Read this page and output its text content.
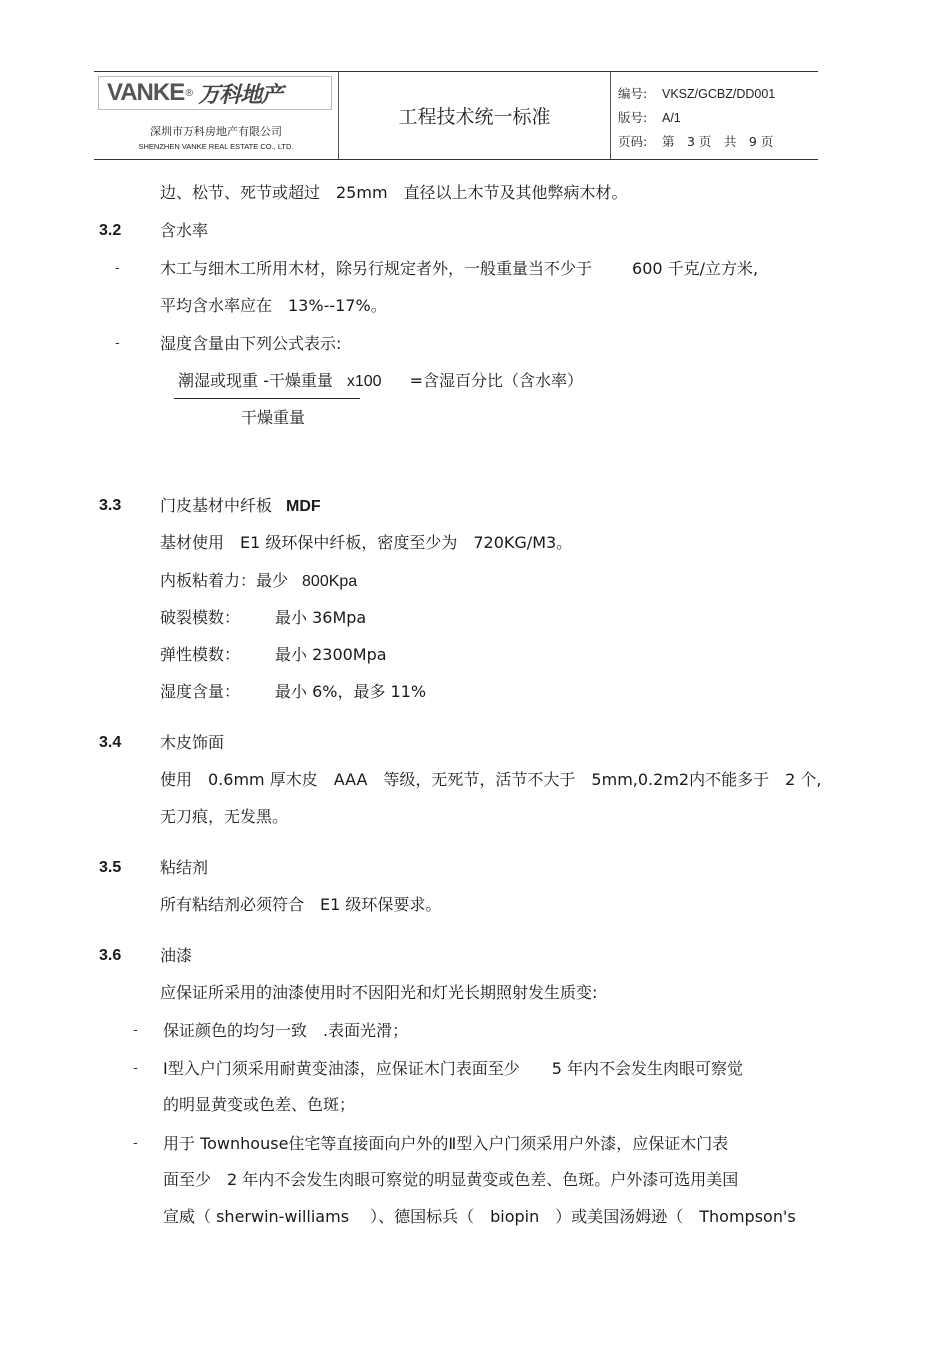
VANKE ® 万科地产
深圳市万科房地产有限公司
SHENZHEN VANKE REAL ESTATE CO., LTD.
工程技术统一标准
编号: VKSZ/GCBZ/DD001
版号: A/1
页码: 第　3 页　共　9 页
边、松节、死节或超过　25mm　直径以上木节及其他弊病木材。
3.2 含水率
-	木工与细木工所用木材，除另行规定者外，一般重量当不少于	600 千克/立方米,
平均含水率应在　13%--17%。
-	湿度含量由下列公式表示:
潮湿或现重 -干燥重量 x100 =含湿百分比（含水率）
干燥重量
3.3 门皮基材中纤板 MDF
基材使用　E1 级环保中纤板，密度至少为　720KG/M3。
内板粘着力：最少 800Kpa
破裂模数： 最小 36Mpa
弹性模数： 最小 2300Mpa
湿度含量： 最小 6%，最多 11%
3.4 木皮饰面
使用　0.6mm 厚木皮　AAA　等级，无死节，活节不大于　5mm,0.2m2内不能多于　2 个,
无刀痕，无发黑。
3.5 粘结剂
所有粘结剂必须符合　E1 级环保要求。
3.6 油漆
应保证所采用的油漆使用时不因阳光和灯光长期照射发生质变:
- 保证颜色的均匀一致　.表面光滑；
- Ⅰ型入户门须采用耐黄变油漆，应保证木门表面至少　　5 年内不会发生肉眼可察觉
的明显黄变或色差、色斑；
- 用于 Townhouse住宅等直接面向户外的Ⅱ型入户门须采用户外漆，应保证木门表
面至少　2 年内不会发生肉眼可察觉的明显黄变或色差、色斑。户外漆可选用美国
宣威（ sherwin-williams　 ）、德国标兵（　biopin　）或美国汤姆逊（　Thompson's
